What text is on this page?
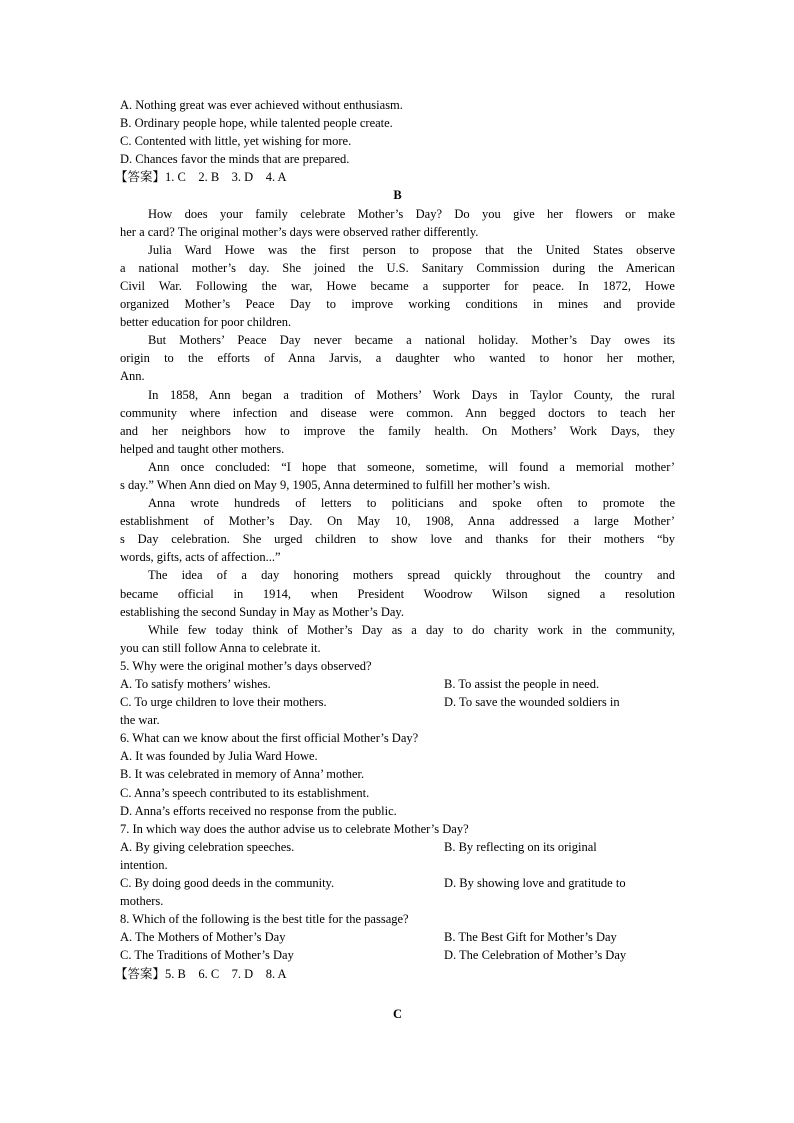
A. Nothing great was ever achieved without enthusiasm.
B. Ordinary people hope, while talented people create.
C. Contented with little, yet wishing for more.
D. Chances favor the minds that are prepared.
【答案】1. C    2. B    3. D    4. A
B
How does your family celebrate Mother’s Day? Do you give her flowers or make
her a card? The original mother’s days were observed rather differently.
Julia Ward Howe was the first person to propose that the United States observe
a national mother’s day. She joined the U.S. Sanitary Commission during the American
Civil War. Following the war, Howe became a supporter for peace. In 1872, Howe
organized Mother’s Peace Day to improve working conditions in mines and provide
better education for poor children.
But Mothers’ Peace Day never became a national holiday. Mother’s Day owes its
origin to the efforts of Anna Jarvis, a daughter who wanted to honor her mother,
Ann.
In 1858, Ann began a tradition of Mothers’ Work Days in Taylor County, the rural
community where infection and disease were common. Ann begged doctors to teach her
and her neighbors how to improve the family health. On Mothers’ Work Days, they
helped and taught other mothers.
Ann once concluded: “I hope that someone, sometime, will found a memorial mother’
s day.” When Ann died on May 9, 1905, Anna determined to fulfill her mother’s wish.
Anna wrote hundreds of letters to politicians and spoke often to promote the
establishment of Mother’s Day. On May 10, 1908, Anna addressed a large Mother’
s Day celebration. She urged children to show love and thanks for their mothers “by
words, gifts, acts of affection...”
The idea of a day honoring mothers spread quickly throughout the country and
became official in 1914, when President Woodrow Wilson signed a resolution
establishing the second Sunday in May as Mother’s Day.
While few today think of Mother’s Day as a day to do charity work in the community,
you can still follow Anna to celebrate it.
5. Why were the original mother’s days observed?
A. To satisfy mothers’ wishes.	B. To assist the people in need.
C. To urge children to love their mothers.	D. To save the wounded soldiers in
the war.
6. What can we know about the first official Mother’s Day?
A. It was founded by Julia Ward Howe.
B. It was celebrated in memory of Anna’ mother.
C. Anna’s speech contributed to its establishment.
D. Anna’s efforts received no response from the public.
7. In which way does the author advise us to celebrate Mother’s Day?
A. By giving celebration speeches.	B. By reflecting on its original
intention.
C. By doing good deeds in the community.	D. By showing love and gratitude to
mothers.
8. Which of the following is the best title for the passage?
A. The Mothers of Mother’s Day	B. The Best Gift for Mother’s Day
C. The Traditions of Mother’s Day	D. The Celebration of Mother’s Day
【答案】5. B    6. C    7. D    8. A
C
